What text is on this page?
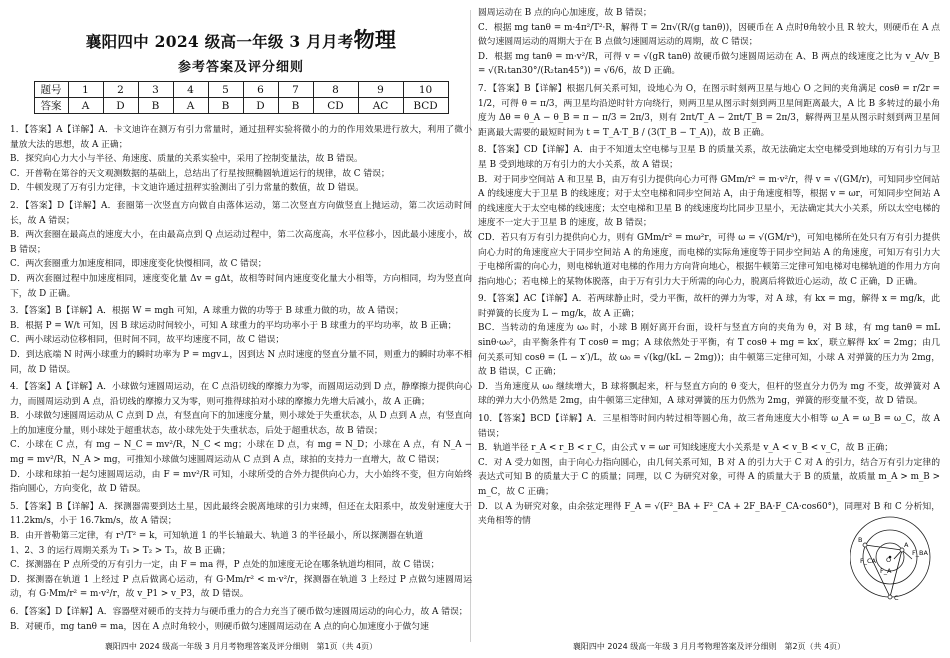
襄阳四中 2024 级高一年级 3 月月考物理
参考答案及评分细则
题号	1	2	3	4	5	6	7	8	9	10
答案	A	D	B	A	B	D	B	CD	AC	BCD
1．【答案】A【详解】A．卡文迪许在测万有引力常量时，通过扭秤实验将微小的力的作用效果进行放大，利用了微小量放大法的思想，故 A 正确；
B．探究向心力大小与半径、角速度、质量的关系实验中，采用了控制变量法，故 B 错误。
C．开普勒在第谷的天文观测数据的基础上，总结出了行星按照椭圆轨道运行的规律，故 C 错误；
D．牛顿发现了万有引力定律，卡文迪许通过扭秤实验测出了引力常量的数值，故 D 错误。
2．【答案】D【详解】A．套圈第一次竖直方向做自由落体运动，第二次竖直方向做竖直上抛运动，第二次运动时间长，故 A 错误；
B．两次套圈在最高点的速度大小，在由最高点到 Q 点运动过程中，第二次高度高，水平位移小，因此最小速度小，故 B 错误；
C．两次套圈重力加速度相同，即速度变化快慢相同，故 C 错误；
D．两次套圈过程中加速度相同，速度变化量 Δv = gΔt，故相等时间内速度变化量大小相等，方向相同，均为竖直向下，故 D 正确。
3．【答案】B【详解】A．根据 W = mgh 可知，A 球重力做的功等于 B 球重力做的功，故 A 错误；
B．根据 P = W/t 可知，因 B 球运动时间较小，可知 A 球重力的平均功率小于 B 球重力的平均功率，故 B 正确；
C．两小球运动位移相同，但时间不同，故平均速度不同，故 C 错误；
D．到达底端 N 时两小球重力的瞬时功率为 P = mgv⊥，因到达 N 点时速度的竖直分量不同，则重力的瞬时功率不相同，故 D 错误。
4．【答案】A【详解】A．小球做匀速圆周运动，在 C 点沿切线的摩擦力为零，而圆周运动到 D 点，静摩擦力提供向心力，而圆周运动到 A 点，沿切线的摩擦力又为零，则可推得球拍对小球的摩擦力先增大后减小，故 A 正确；
B．小球做匀速圆周运动从 C 点到 D 点，有竖直向下的加速度分量，则小球处于失重状态，从 D 点到 A 点，有竖直向上的加速度分量，则小球处于超重状态，故小球先处于失重状态，后处于超重状态，故 B 错误；
C．小球在 C 点，有 mg − N_C = mv²/R，N_C < mg；小球在 D 点，有 mg = N_D；小球在 A 点，有 N_A − mg = mv²/R，N_A > mg，可推知小球做匀速圆周运动从 C 点到 A 点，球拍的支持力一直增大，故 C 错误；
D．小球和球拍一起匀速圆周运动，由 F = mv²/R 可知，小球所受的合外力提供向心力，大小始终不变，但方向始终指向圆心，方向变化，故 D 错误。
5．【答案】B【详解】A．探测器需要到达土星，因此最终会脱离地球的引力束缚，但还在太阳系中，故发射速度大于 11.2km/s，小于 16.7km/s，故 A 错误；
B．由开普勒第三定律，有 r³/T² = k，可知轨道 1 的半长轴最大、轨道 3 的半径最小，所以探测器在轨道
1、2、3 的运行周期关系为 T₁ > T₂ > T₃，故 B 正确；
C．探测器在 P 点所受的万有引力一定，由 F = ma 得，P 点处的加速度无论在哪条轨道均相同，故 C 错误；
D．探测器在轨道 1 上经过 P 点后做离心运动，有 G·Mm/r² < m·v²/r，探测器在轨道 3 上经过 P 点做匀速圆周运动，有 G·Mm/r² = m·v²/r，故 v_P1 > v_P3，故 D 错误。
6．【答案】D【详解】A．容器壁对硬币的支持力与硬币重力的合力充当了硬币做匀速圆周运动的向心力，故 A 错误；
B．对硬币，mg tanθ = ma，因在 A 点时角较小，则硬币做匀速圆周运动在 A 点的向心加速度小于做匀速
襄阳四中 2024 级高一年级 3 月月考物理答案及评分细则　第1页（共 4页）
圆周运动在 B 点的向心加速度，故 B 错误；
C．根据 mg tanθ = m·4π²/T²·R，解得 T = 2π√(R/(g tanθ))，因硬币在 A 点时θ角较小且 R 较大，则硬币在 A 点做匀速圆周运动的周期大于在 B 点做匀速圆周运动的周期，故 C 错误；
D．根据 mg tanθ = m·v²/R，可得 v = √(gR tanθ) 故硬币做匀速圆周运动在 A、B 两点的线速度之比为 v_A/v_B = √(R₁tan30°/(R₂tan45°)) = √6/6，故 D 正确。
7．【答案】B【详解】根据几何关系可知，设地心为 O，在图示时刻两卫星与地心 O 之间的夹角满足 cosθ = r/2r = 1/2，可得 θ = π/3，两卫星均沿逆时针方向绕行，则两卫星从图示时刻到两卫星间距离最大，A 比 B 多转过的最小角度为 Δθ = θ_A − θ_B = π − π/3 = 2π/3，则有 2πt/T_A − 2πt/T_B = 2π/3，解得两卫星从图示时刻到两卫星间距离最大需要的最短时间为 t = T_A·T_B / (3(T_B − T_A))，故 B 正确。
8．【答案】CD【详解】A．由于不知道太空电梯与卫星 B 的质量关系，故无法确定太空电梯受到地球的万有引力与卫星 B 受到地球的万有引力的大小关系，故 A 错误；
B．对于同步空间站 A 和卫星 B，由万有引力提供向心力可得 GMm/r² = m·v²/r，得 v = √(GM/r)，可知同步空间站 A 的线速度大于卫星 B 的线速度；对于太空电梯和同步空间站 A，由于角速度相等，根据 v = ωr，可知同步空间站 A 的线速度大于太空电梯的线速度；太空电梯和卫星 B 的线速度均比同步卫星小，无法确定其大小关系，所以太空电梯的速度不一定大于卫星 B 的速度，故 B 错误；
CD．若只有万有引力提供向心力，则有 GMm/r² = mω²r，可得 ω = √(GM/r³)，可知电梯所在处只有万有引力提供向心力时的角速度应大于同步空间站 A 的角速度，而电梯的实际角速度等于同步空间站 A 的角速度，可知万有引力大于电梯所需的向心力，则电梯轨道对电梯的作用力方向背向地心，根据牛顿第三定律可知电梯对电梯轨道的作用力方向指向地心；若电梯上的某物体脱落，由于万有引力大于所需的向心力，脱离后将做近心运动，故 C 正确，D 正确。
9．【答案】AC【详解】A．若两球静止时，受力平衡，故杆的弹力为零，对 A 球，有 kx = mg，解得 x = mg/k，此时弹簧的长度为 L − mg/k，故 A 正确；
BC．当转动的角速度为 ω₀ 时，小球 B 刚好离开台面，设杆与竖直方向的夹角为 θ，对 B 球，有 mg tanθ = mL sinθ·ω₀²，由平衡条件有 T cosθ = mg；A 球依然处于平衡，有 T cosθ + mg = kx′，联立解得 kx′ = 2mg；由几何关系可知 cosθ = (L − x′)/L，故 ω₀ = √(kg/(kL − 2mg))；由牛顿第三定律可知，小球 A 对弹簧的压力为 2mg，故 B 错误，C 正确；
D．当角速度从 ω₀ 继续增大，B 球将飘起来，杆与竖直方向的 θ 变大，但杆的竖直分力仍为 mg 不变，故弹簧对 A 球的弹力大小仍然是 2mg，由牛顿第三定律知，A 球对弹簧的压力仍然为 2mg，弹簧的形变量不变，故 D 错误。
10．【答案】BCD【详解】A．三星相等时间内转过相等圆心角，故三者角速度大小相等 ω_A = ω_B = ω_C，故 A 错误；
B．轨道半径 r_A < r_B < r_C，由公式 v = ωr 可知线速度大小关系是 v_A < v_B < v_C，故 B 正确；
C．对 A 受力如图，由于向心力指向圆心，由几何关系可知，B 对 A 的引力大于 C 对 A 的引力，结合万有引力定律的表达式可知 B 的质量大于 C 的质量；同理，以 C 为研究对象，可得 A 的质量大于 B 的质量，故质量 m_A > m_B > m_C，故 C 正确；
D．以 A 为研究对象，由余弦定理得 F_A = √(F²_BA + F²_CA + 2F_BA·F_CA·cos60°)，同理对 B 和 C 分析知，夹角相等的情
襄阳四中 2024 级高一年级 3 月月考物理答案及评分细则　第2页（共 4页）
O
A
B
C
F_BA
F_CA
F_A
